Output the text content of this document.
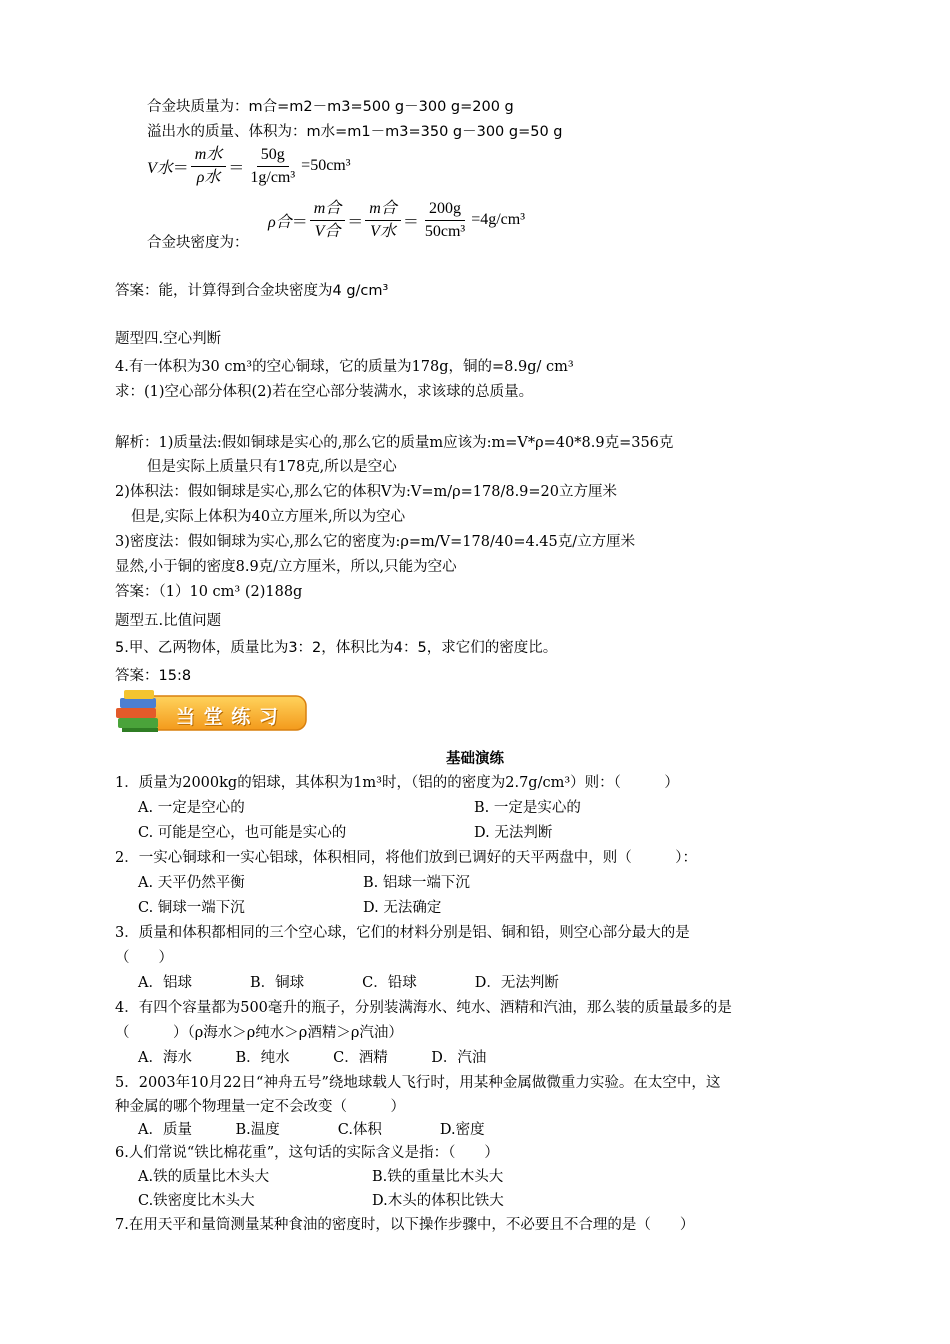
合金块质量为：m合=m2－m3=500 g－300 g=200 g
溢出水的质量、体积为：m水=m1－m3=350 g－300 g=50 g
V水 ＝ $\frac{\text{m水}}{\text{ρ水}} = \frac{50g}{\text{1g/cm³}} =50cm^3$
ρ合 ＝ $\frac{\text{m合}}{\text{V合}} = \frac{\text{m合}}{\text{V水}} = \frac{200g}{\text{50cm³}} =4g/cm^3$
合金块密度为：
答案：能，计算得到合金块密度为4 g/cm³
题型四.空心判断
4.有一体积为30 cm³的空心铜球，它的质量为178g，铜的=8.9g/ cm³
求：(1)空心部分体积(2)若在空心部分装满水，求该球的总质量。
解析：1)质量法:假如铜球是实心的,那么它的质量m应该为:m=V*ρ=40*8.9克=356克
但是实际上质量只有178克,所以是空心
2)体积法：假如铜球是实心,那么它的体积V为:V=m/ρ=178/8.9=20立方厘米
但是,实际上体积为40立方厘米,所以为空心
3)密度法：假如铜球为实心,那么它的密度为:ρ=m/V=178/40=4.45克/立方厘米
显然,小于铜的密度8.9克/立方厘米，所以,只能为空心
答案：（1）10 cm³ (2)188g
题型五.比值问题
5.甲、乙两物体，质量比为3：2，体积比为4：5，求它们的密度比。
答案：15:8
当 堂 练 习
基础演练
1．质量为2000kg的铝球，其体积为1m³时，（铝的的密度为2.7g/cm³）则：（　　　）
A. 一定是空心的	B. 一定是实心的
C. 可能是空心，也可能是实心的	D. 无法判断
2．一实心铜球和一实心铝球，体积相同，将他们放到已调好的天平两盘中，则（　　　）：
A. 天平仍然平衡	B. 铝球一端下沉
C. 铜球一端下沉	D. 无法确定
3．质量和体积都相同的三个空心球，它们的材料分别是铝、铜和铅，则空心部分最大的是
（　　）
A．铝球　　　　B．铜球　　　　C．铅球　　　　D．无法判断
4．有四个容量都为500毫升的瓶子，分别装满海水、纯水、酒精和汽油，那么装的质量最多的是
（　　　）（ρ海水＞ρ纯水＞ρ酒精＞ρ汽油）
A．海水　　　B．纯水　　　C．酒精　　　D．汽油
5．2003年10月22日“神舟五号”绕地球载人飞行时，用某种金属做微重力实验。在太空中，这
种金属的哪个物理量一定不会改变（　　　）
A．质量　　　B.温度　　　　C.体积　　　　D.密度
6.人们常说“铁比棉花重”，这句话的实际含义是指：（　　）
A.铁的质量比木头大	B.铁的重量比木头大
C.铁密度比木头大	D.木头的体积比铁大
7.在用天平和量筒测量某种食油的密度时，以下操作步骤中，不必要且不合理的是（　　）
